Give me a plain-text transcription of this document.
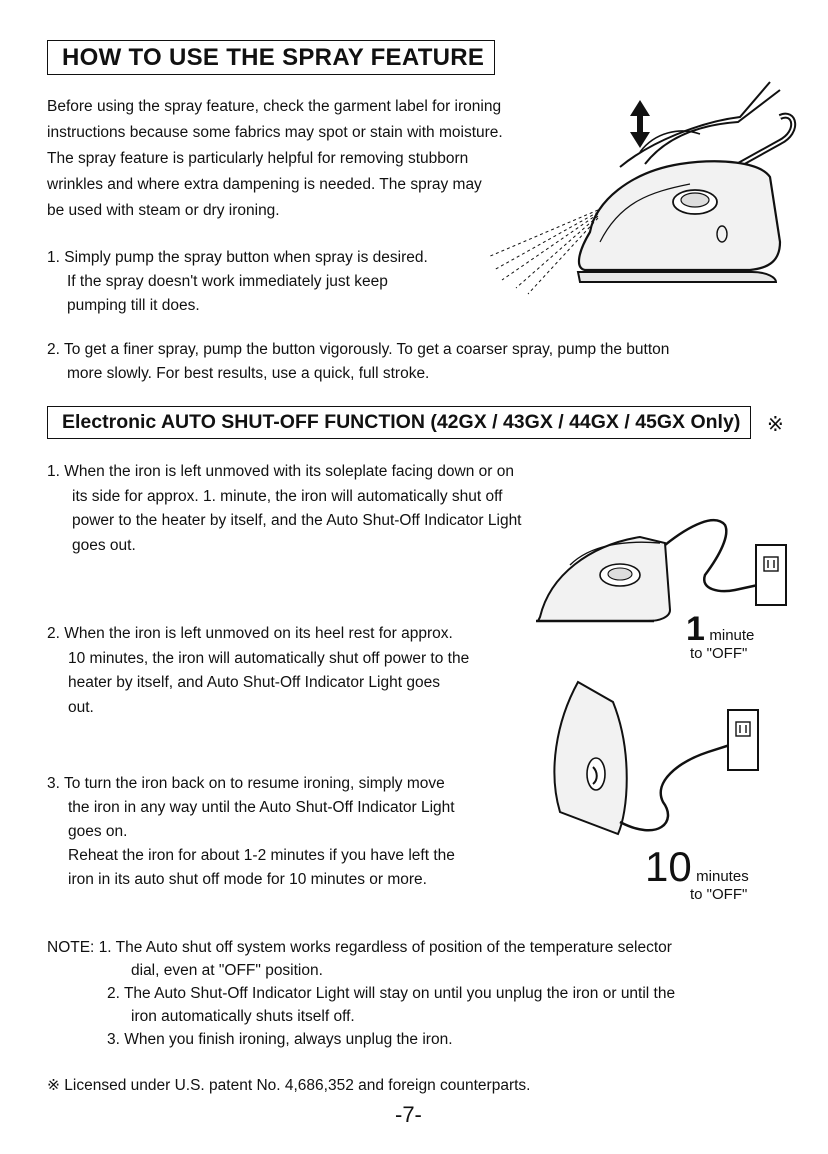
HOW TO USE THE SPRAY FEATURE
Before using the spray feature, check the garment label for ironing
instructions because some fabrics may spot or stain with moisture.
The spray feature is particularly helpful for removing stubborn
wrinkles and where extra dampening is needed. The spray may
be used with steam or dry ironing.
1. Simply pump the spray button when spray is desired.
If the spray doesn't work immediately just keep
pumping till it does.
2. To get a finer spray, pump the button vigorously. To get a coarser spray, pump the button
more slowly. For best results, use a quick, full stroke.
Electronic AUTO SHUT-OFF FUNCTION (42GX / 43GX / 44GX / 45GX Only)	※
1. When the iron is left unmoved with its soleplate facing down or on
its side for approx. 1. minute, the iron will automatically shut off
power to the heater by itself, and the Auto Shut-Off Indicator Light
goes out.
2. When the iron is left unmoved on its heel rest for approx.
10 minutes, the iron will automatically shut off power to the
heater by itself, and Auto Shut-Off Indicator Light goes
out.
3. To turn the iron back on to resume ironing, simply move
the iron in any way until the Auto Shut-Off Indicator Light
goes on.
Reheat the iron for about 1-2 minutes if you have left the
iron in its auto shut off mode for 10 minutes or more.
1 minute
to "OFF"
10 minutes
to "OFF"
NOTE: 1. The Auto shut off system works regardless of position of the temperature selector
dial, even at "OFF" position.
2. The Auto Shut-Off Indicator Light will stay on until you unplug the iron or until the
iron automatically shuts itself off.
3. When you finish ironing, always unplug the iron.
※ Licensed under U.S. patent No. 4,686,352 and foreign counterparts.
-7-
